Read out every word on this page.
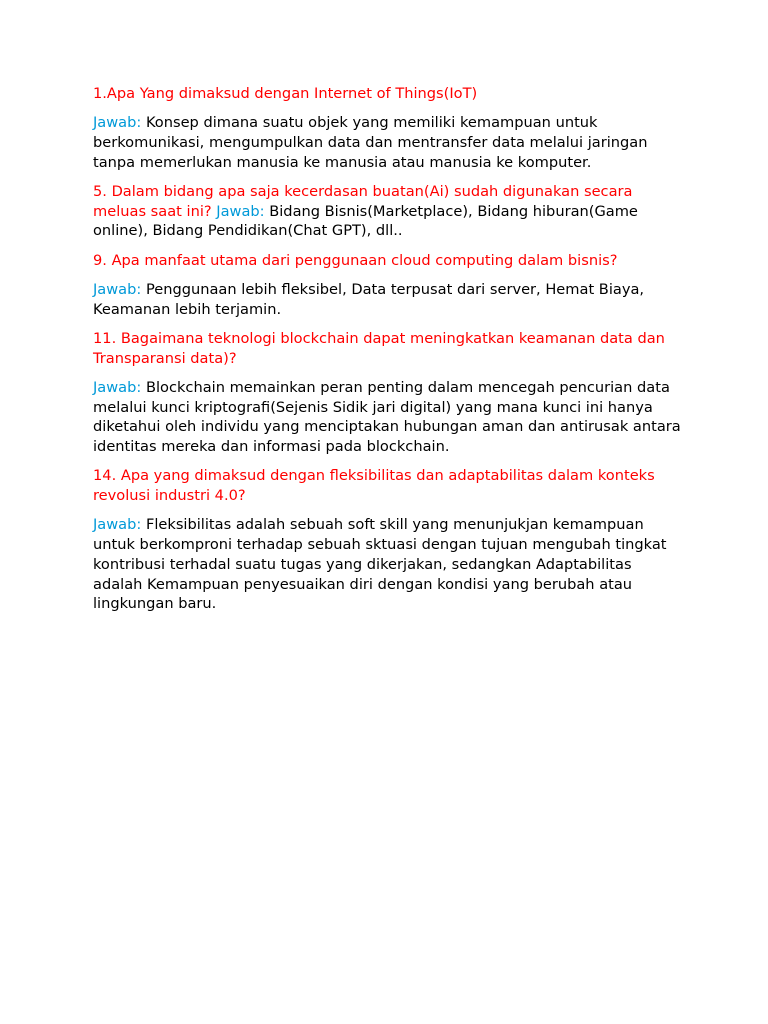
1.Apa Yang dimaksud dengan Internet of Things(IoT)

Jawab: Konsep dimana suatu objek yang memiliki kemampuan untuk berkomunikasi, mengumpulkan data dan mentransfer data melalui jaringan tanpa memerlukan manusia ke manusia atau manusia ke komputer.

5. Dalam bidang apa saja kecerdasan buatan(Ai) sudah digunakan secara meluas saat ini? Jawab: Bidang Bisnis(Marketplace), Bidang hiburan(Game online), Bidang Pendidikan(Chat GPT), dll..

9. Apa manfaat utama dari penggunaan cloud computing dalam bisnis?

Jawab: Penggunaan lebih fleksibel, Data terpusat dari server, Hemat Biaya, Keamanan lebih terjamin.

11. Bagaimana teknologi blockchain dapat meningkatkan keamanan data dan Transparansi data)?

Jawab: Blockchain memainkan peran penting dalam mencegah pencurian data melalui kunci kriptografi(Sejenis Sidik jari digital) yang mana kunci ini hanya diketahui oleh individu yang menciptakan hubungan aman dan antirusak antara identitas mereka dan informasi pada blockchain.

14. Apa yang dimaksud dengan fleksibilitas dan adaptabilitas dalam konteks revolusi industri 4.0?

Jawab: Fleksibilitas adalah sebuah soft skill yang menunjukjan kemampuan untuk berkomproni terhadap sebuah sktuasi dengan tujuan mengubah tingkat kontribusi terhadal suatu tugas yang dikerjakan, sedangkan Adaptabilitas adalah Kemampuan penyesuaikan diri dengan kondisi yang berubah atau lingkungan baru.
